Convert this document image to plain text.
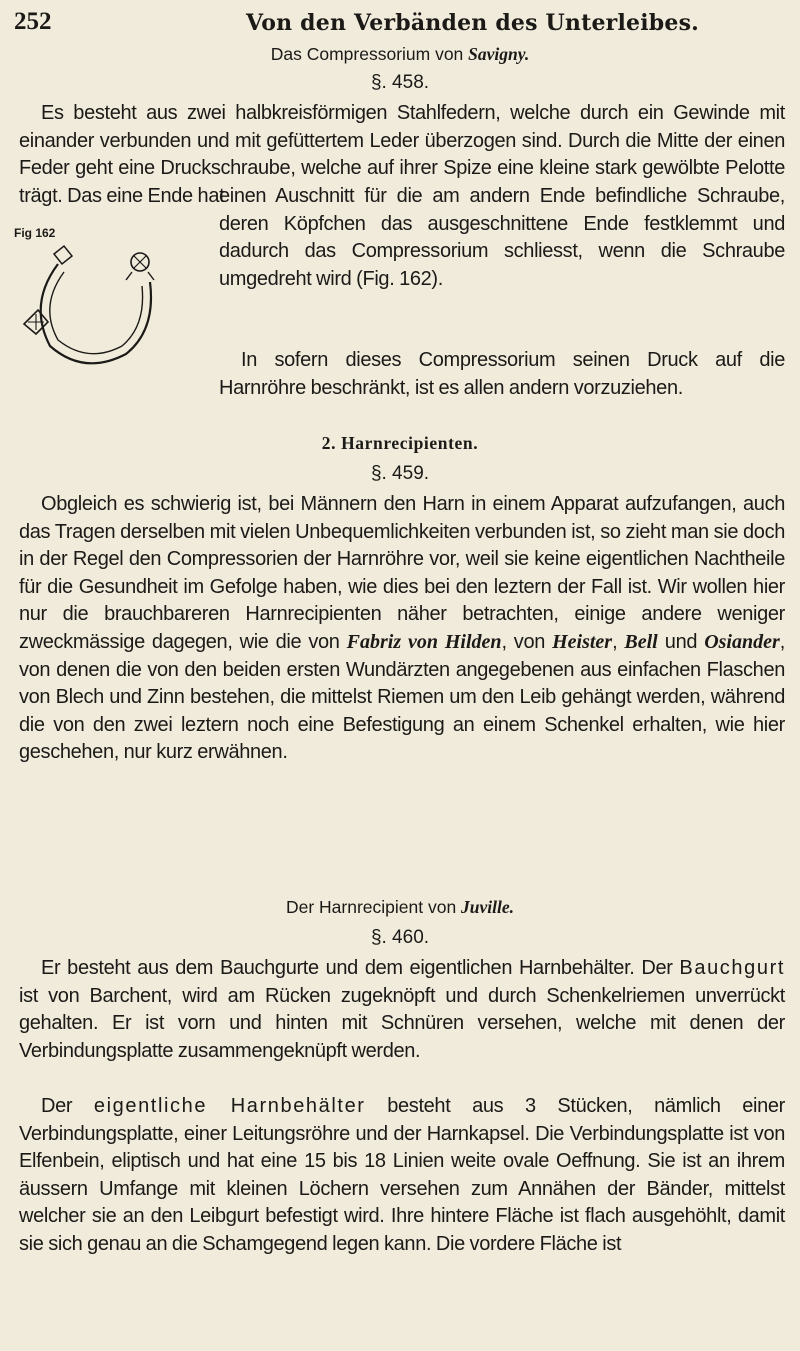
252	Von den Verbänden des Unterleibes.
Das Compressorium von Savigny.
§. 458.

Es besteht aus zwei halbkreisförmigen Stahlfedern, welche durch ein Gewinde mit einander verbunden und mit gefüttertem Leder überzogen sind. Durch die Mitte der einen Feder geht eine Druckschraube, welche auf ihrer Spize eine kleine stark gewölbte Pelotte trägt. Das eine Ende hat

Fig 162

einen Auschnitt für die am andern Ende befindliche Schraube, deren Köpfchen das ausgeschnittene Ende festklemmt und dadurch das Compressorium schliesst, wenn die Schraube umgedreht wird (Fig. 162).

In sofern dieses Compressorium seinen Druck auf die Harnröhre beschränkt, ist es allen andern vorzuziehen.

2. Harnrecipienten.
§. 459.

Obgleich es schwierig ist, bei Männern den Harn in einem Apparat aufzufangen, auch das Tragen derselben mit vielen Unbequemlichkeiten verbunden ist, so zieht man sie doch in der Regel den Compressorien der Harnröhre vor, weil sie keine eigentlichen Nachtheile für die Gesundheit im Gefolge haben, wie dies bei den leztern der Fall ist. Wir wollen hier nur die brauchbareren Harnrecipienten näher betrachten, einige andere weniger zweckmässige dagegen, wie die von Fabriz von Hilden, von Heister, Bell und Osiander, von denen die von den beiden ersten Wundärzten angegebenen aus einfachen Flaschen von Blech und Zinn bestehen, die mittelst Riemen um den Leib gehängt werden, während die von den zwei leztern noch eine Befestigung an einem Schenkel erhalten, wie hier geschehen, nur kurz erwähnen.

Der Harnrecipient von Juville.
§. 460.

Er besteht aus dem Bauchgurte und dem eigentlichen Harnbehälter. Der Bauchgurt ist von Barchent, wird am Rücken zugeknöpft und durch Schenkelriemen unverrückt gehalten. Er ist vorn und hinten mit Schnüren versehen, welche mit denen der Verbindungsplatte zusammengeknüpft werden.

Der eigentliche Harnbehälter besteht aus 3 Stücken, nämlich einer Verbindungsplatte, einer Leitungsröhre und der Harnkapsel. Die Verbindungsplatte ist von Elfenbein, eliptisch und hat eine 15 bis 18 Linien weite ovale Oeffnung. Sie ist an ihrem äussern Umfange mit kleinen Löchern versehen zum Annähen der Bänder, mittelst welcher sie an den Leibgurt befestigt wird. Ihre hintere Fläche ist flach ausgehöhlt, damit sie sich genau an die Schamgegend legen kann. Die vordere Fläche ist
